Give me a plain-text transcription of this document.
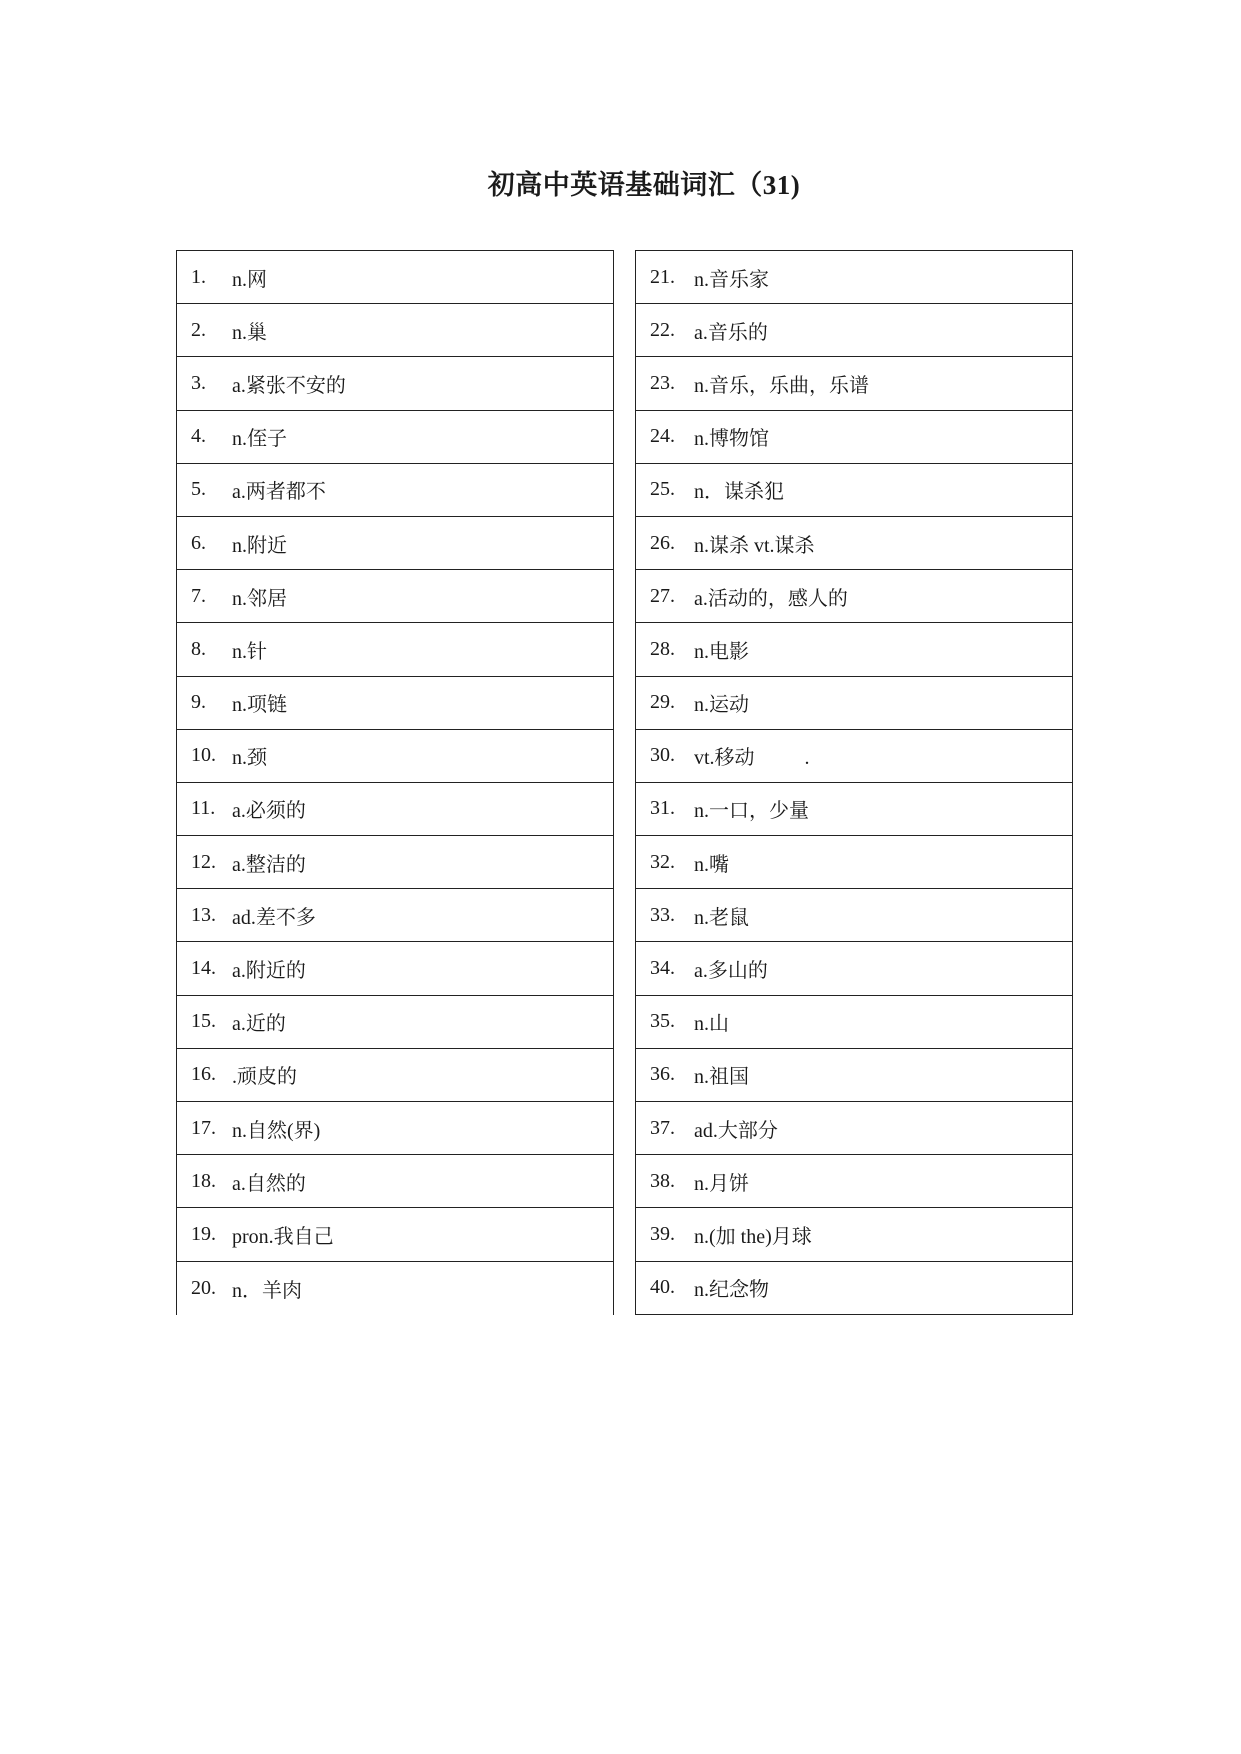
初高中英语基础词汇（31)
1.	n.网
2.	n.巢
3.	a.紧张不安的
4.	n.侄子
5.	a.两者都不
6.	n.附近
7.	n.邻居
8.	n.针
9.	n.项链
10. n.颈
11. a.必须的
12. a.整洁的
13. ad.差不多
14. a.附近的
15. a.近的
16. .顽皮的
17. n.自然(界)
18. a.自然的
19. pron.我自己
20. n．羊肉
21. n.音乐家
22. a.音乐的
23. n.音乐，乐曲，乐谱
24. n.博物馆
25. n．谋杀犯
26. n.谋杀 vt.谋杀
27. a.活动的，感人的
28. n.电影
29. n.运动
30. vt.移动          .
31. n.一口，少量
32. n.嘴
33. n.老鼠
34. a.多山的
35. n.山
36. n.祖国
37. ad.大部分
38. n.月饼
39. n.(加 the)月球
40. n.纪念物
